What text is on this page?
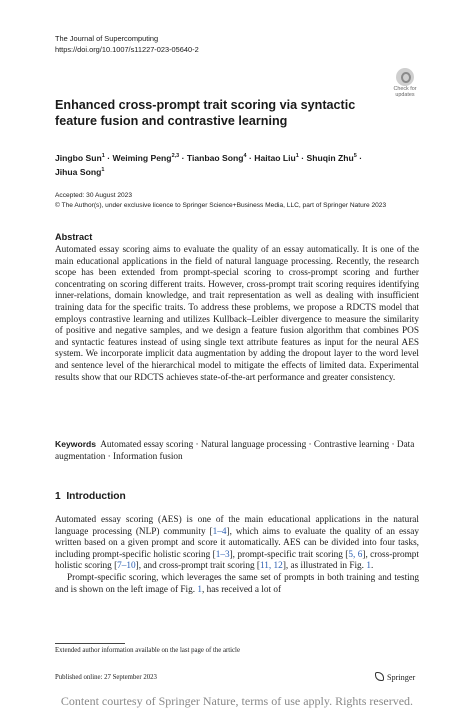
The Journal of Supercomputing
https://doi.org/10.1007/s11227-023-05640-2
Check for
updates
Enhanced cross-prompt trait scoring via syntactic feature fusion and contrastive learning
Jingbo Sun$^1$ · Weiming Peng$^{2,3}$ · Tianbao Song$^4$ · Haitao Liu$^1$ · Shuqin Zhu$^5$ ·
Jihua Song$^1$
Accepted: 30 August 2023
© The Author(s), under exclusive licence to Springer Science+Business Media, LLC, part of Springer Nature 2023
Abstract
Automated essay scoring aims to evaluate the quality of an essay automatically. It is one of the main educational applications in the field of natural language processing. Recently, the research scope has been extended from prompt-special scoring to cross-prompt scoring and further concentrating on scoring different traits. However, cross-prompt trait scoring requires identifying inner-relations, domain knowledge, and trait representation as well as dealing with insufficient training data for the specific traits. To address these problems, we propose a RDCTS model that employs contrastive learning and utilizes Kullback–Leibler divergence to measure the similarity of positive and negative samples, and we design a feature fusion algorithm that combines POS and syntactic features instead of using single text attribute features as input for the neural AES system. We incorporate implicit data augmentation by adding the dropout layer to the word level and sentence level of the hierarchical model to mitigate the effects of limited data. Experimental results show that our RDCTS achieves state-of-the-art performance and greater consistency.
Keywords Automated essay scoring · Natural language processing · Contrastive learning · Data augmentation · Information fusion
1 Introduction

Automated essay scoring (AES) is one of the main educational applications in the natural language processing (NLP) community [1–4], which aims to evaluate the quality of an essay written based on a given prompt and score it automatically. AES can be divided into four tasks, including prompt-specific holistic scoring [1–3], prompt-specific trait scoring [5, 6], cross-prompt holistic scoring [7–10], and cross-prompt trait scoring [11, 12], as illustrated in Fig. 1.

Prompt-specific scoring, which leverages the same set of prompts in both training and testing and is shown on the left image of Fig. 1, has received a lot of

Extended author information available on the last page of the article
Published online: 27 September 2023	Springer
Content courtesy of Springer Nature, terms of use apply. Rights reserved.
